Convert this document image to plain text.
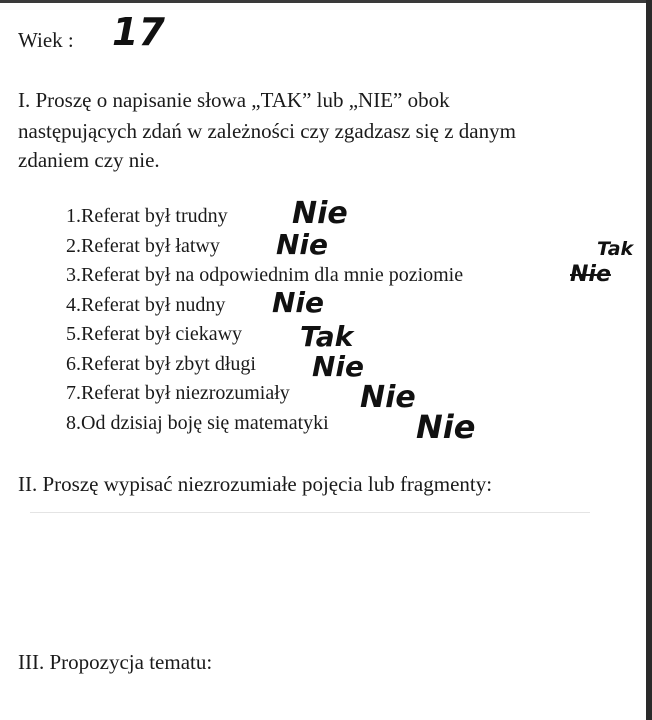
Wiek : 17
I. Proszę o napisanie słowa „TAK” lub „NIE” obok
następujących zdań w zależności czy zgadzasz się z danym
zdaniem czy nie.
1.Referat był trudny Nie
2.Referat był łatwy Nie
3.Referat był na odpowiednim dla mnie poziomie
Tak
Nie
4.Referat był nudny Nie
5.Referat był ciekawy Tak
6.Referat był zbyt długi Nie
7.Referat był niezrozumiały Nie
8.Od dzisiaj boję się matematyki	Nie
II. Proszę wypisać niezrozumiałe pojęcia lub fragmenty:
III. Propozycja tematu:
